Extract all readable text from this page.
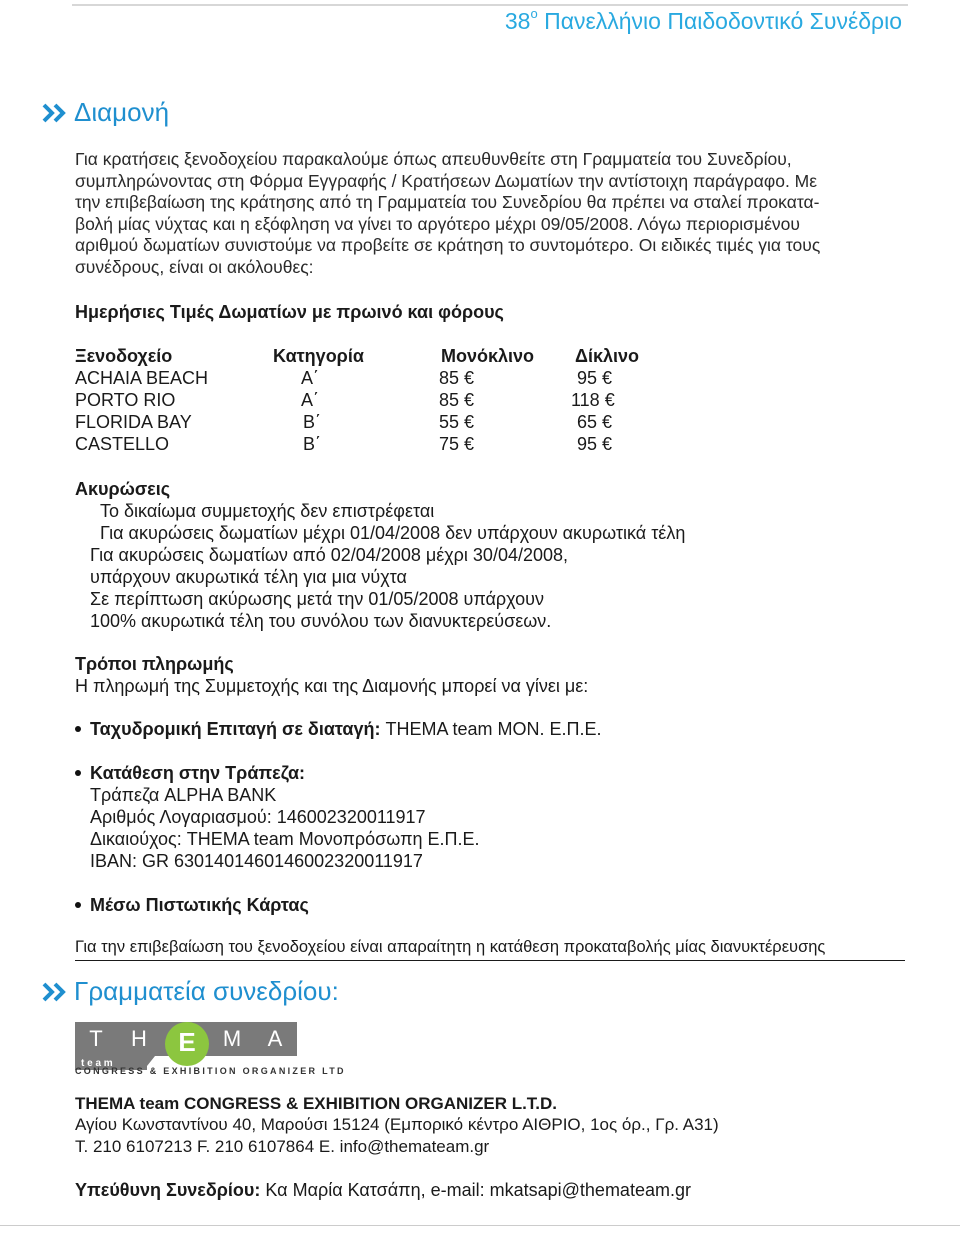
$38^o$ Πανελλήνιο Παιδοδοντικό Συνέδριο
Διαμονή
Για κρατήσεις ξενοδοχείου παρακαλούμε όπως απευθυνθείτε στη Γραμματεία του Συνεδρίου,
συμπληρώνοντας στη Φόρμα Εγγραφής / Κρατήσεων Δωματίων την αντίστοιχη παράγραφο. Με
την επιβεβαίωση της κράτησης από τη Γραμματεία του Συνεδρίου θα πρέπει να σταλεί προκατα-
βολή μίας νύχτας και η εξόφληση να γίνει το αργότερο μέχρι 09/05/2008. Λόγω περιορισμένου
αριθμού δωματίων συνιστούμε να προβείτε σε κράτηση το συντομότερο. Οι ειδικές τιμές για τους
συνέδρους, είναι οι ακόλουθες:
Ημερήσιες Τιμές Δωματίων με πρωινό και φόρους
Ξενοδοχείο	Κατηγορία	Μονόκλινο Δίκλινο
ACHAIA BEACH	A΄	85 €	95 €
PORTO RIO	A΄	85 €	118 €
FLORIDA BAY	B΄	55 €	65 €
CASTELLO	B΄	75 €	95 €
Ακυρώσεις
Το δικαίωμα συμμετοχής δεν επιστρέφεται
Για ακυρώσεις δωματίων μέχρι 01/04/2008 δεν υπάρχουν ακυρωτικά τέλη
Για ακυρώσεις δωματίων από 02/04/2008 μέχρι 30/04/2008,
υπάρχουν ακυρωτικά τέλη για μια νύχτα
Σε περίπτωση ακύρωσης μετά την 01/05/2008 υπάρχουν
100% ακυρωτικά τέλη του συνόλου των διανυκτερεύσεων.
Τρόποι πληρωμής
Η πληρωμή της Συμμετοχής και της Διαμονής μπορεί να γίνει με:
Ταχυδρομική Επιταγή σε διαταγή: THEMA team ΜΟΝ. Ε.Π.Ε.
Κατάθεση στην Τράπεζα:
Τράπεζα ALPHA BANK
Αριθμός Λογαριασμού: 146002320011917
Δικαιούχος: THEMA team Μονοπρόσωπη Ε.Π.Ε.
IBAN: GR 6301401460146002320011917
Μέσω Πιστωτικής Κάρτας
Για την επιβεβαίωση του ξενοδοχείου είναι απαραίτητη η κατάθεση προκαταβολής μίας διανυκτέρευσης
Γραμματεία συνεδρίου:
T H E M A
t e a m
CONGRESS & EXHIBITION ORGANIZER LTD
THEMA team CONGRESS & EXHIBITION ORGANIZER L.T.D.
Αγίου Κωνσταντίνου 40, Μαρούσι 15124 (Εμπορικό κέντρο ΑΙΘΡΙΟ, 1ος όρ., Γρ. Α31)
T. 210 6107213 F. 210 6107864 E. info@themateam.gr
Υπεύθυνη Συνεδρίου: Κα Μαρία Κατσάπη, e-mail: mkatsapi@themateam.gr
